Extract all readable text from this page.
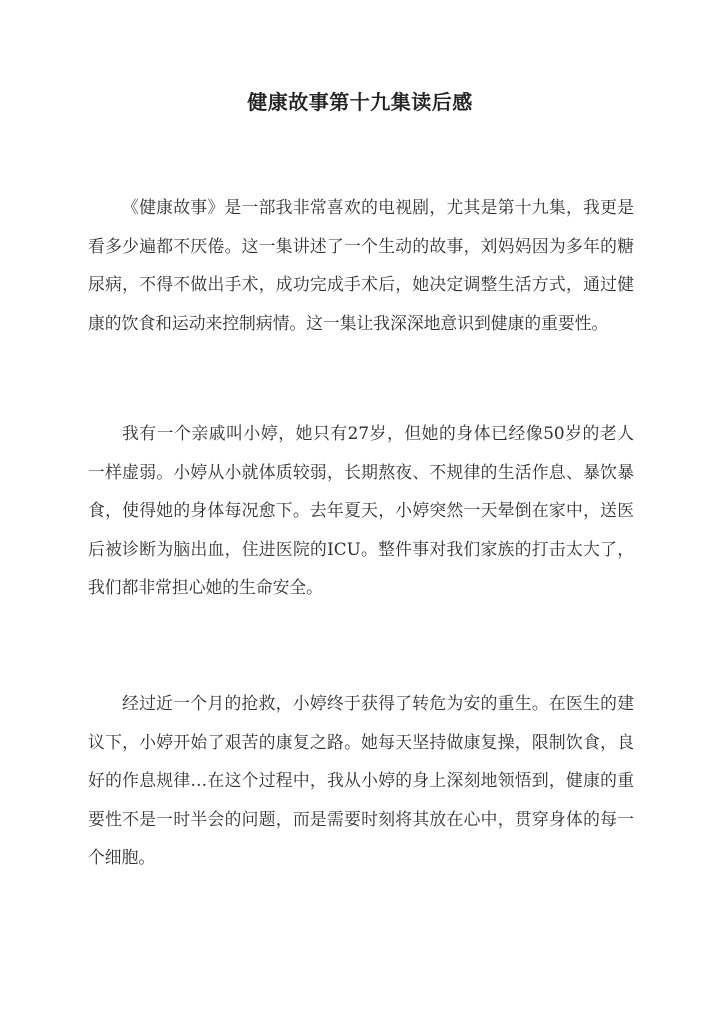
健康故事第十九集读后感
《健康故事》是一部我非常喜欢的电视剧，尤其是第十九集，我更是看多少遍都不厌倦。这一集讲述了一个生动的故事，刘妈妈因为多年的糖尿病，不得不做出手术，成功完成手术后，她决定调整生活方式，通过健康的饮食和运动来控制病情。这一集让我深深地意识到健康的重要性。
我有一个亲戚叫小婷，她只有27岁，但她的身体已经像50岁的老人一样虚弱。小婷从小就体质较弱，长期熬夜、不规律的生活作息、暴饮暴食，使得她的身体每况愈下。去年夏天，小婷突然一天晕倒在家中，送医后被诊断为脑出血，住进医院的ICU。整件事对我们家族的打击太大了，我们都非常担心她的生命安全。
经过近一个月的抢救，小婷终于获得了转危为安的重生。在医生的建议下，小婷开始了艰苦的康复之路。她每天坚持做康复操，限制饮食，良好的作息规律…在这个过程中，我从小婷的身上深刻地领悟到，健康的重要性不是一时半会的问题，而是需要时刻将其放在心中，贯穿身体的每一个细胞。
